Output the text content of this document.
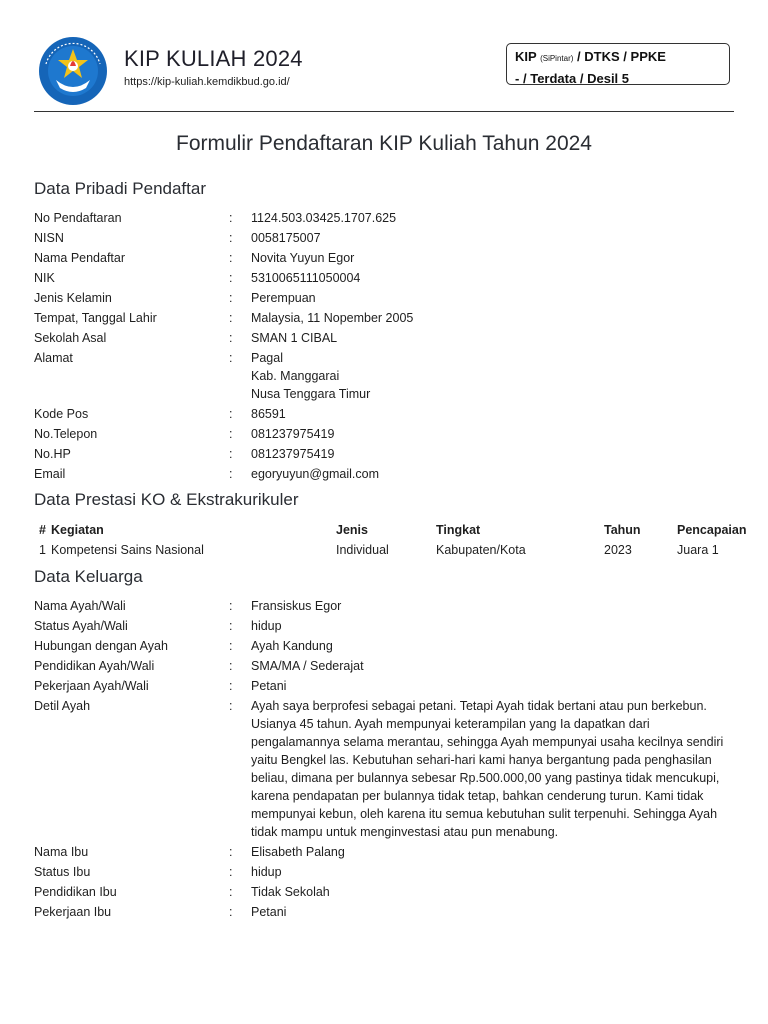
KIP KULIAH 2024
https://kip-kuliah.kemdikbud.go.id/
KIP (SiPintar) / DTKS / PPKE
- / Terdata / Desil 5
Formulir Pendaftaran KIP Kuliah Tahun 2024
Data Pribadi Pendaftar
No Pendaftaran	:	1124.503.03425.1707.625
NISN	:	0058175007
Nama Pendaftar	:	Novita Yuyun Egor
NIK	:	5310065111050004
Jenis Kelamin	:	Perempuan
Tempat, Tanggal Lahir	:	Malaysia, 11 Nopember 2005
Sekolah Asal	:	SMAN 1 CIBAL
Alamat	:	Pagal
Kab. Manggarai
Nusa Tenggara Timur
Kode Pos	:	86591
No.Telepon	:	081237975419
No.HP	:	081237975419
Email	:	egoryuyun@gmail.com
Data Prestasi KO & Ekstrakurikuler
#	Kegiatan	Jenis	Tingkat	Tahun	Pencapaian
1	Kompetensi Sains Nasional	Individual	Kabupaten/Kota	2023	Juara 1
Data Keluarga
Nama Ayah/Wali	:	Fransiskus Egor
Status Ayah/Wali	:	hidup
Hubungan dengan Ayah	:	Ayah Kandung
Pendidikan Ayah/Wali	:	SMA/MA / Sederajat
Pekerjaan Ayah/Wali	:	Petani
Detil Ayah	:	Ayah saya berprofesi sebagai petani. Tetapi Ayah tidak bertani atau pun berkebun. Usianya 45 tahun. Ayah mempunyai keterampilan yang Ia dapatkan dari pengalamannya selama merantau, sehingga Ayah mempunyai usaha kecilnya sendiri yaitu Bengkel las. Kebutuhan sehari-hari kami hanya bergantung pada penghasilan beliau, dimana per bulannya sebesar Rp.500.000,00 yang pastinya tidak mencukupi, karena pendapatan per bulannya tidak tetap, bahkan cenderung turun. Kami tidak mempunyai kebun, oleh karena itu semua kebutuhan sulit terpenuhi. Sehingga Ayah tidak mampu untuk menginvestasi atau pun menabung.
Nama Ibu	:	Elisabeth Palang
Status Ibu	:	hidup
Pendidikan Ibu	:	Tidak Sekolah
Pekerjaan Ibu	:	Petani
